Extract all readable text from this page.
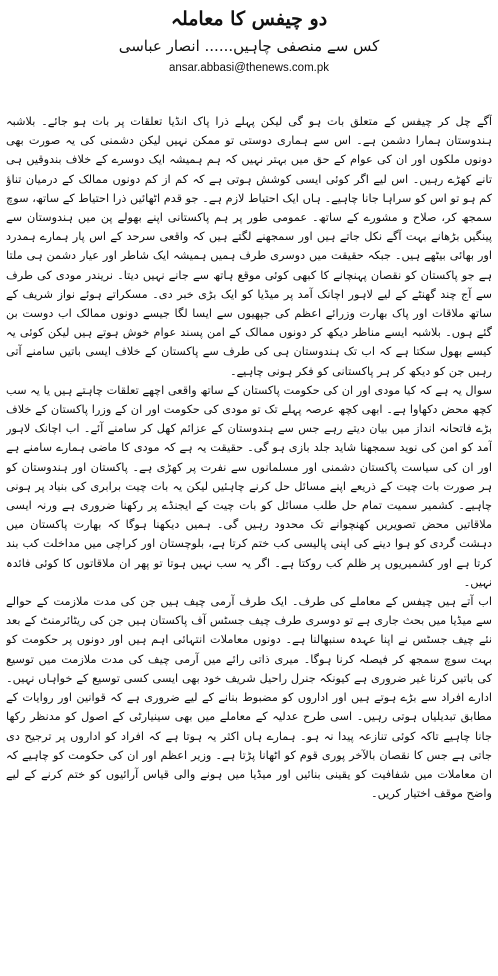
دو چیفس کا معاملہ
کس سے منصفی چاہیں...... انصار عباسی
ansar.abbasi@thenews.com.pk

آگے چل کر چیفس کے متعلق بات ہو گی لیکن پہلے ذرا پاک انڈیا تعلقات پر بات ہو جائے۔ بلاشبہ ہندوستان ہمارا دشمن ہے۔ اس سے ہماری دوستی تو ممکن نہیں لیکن دشمنی کی یہ صورت بھی دونوں ملکوں اور ان کی عوام کے حق میں بہتر نہیں کہ ہم ہمیشہ ایک دوسرے کے خلاف بندوقیں ہی تانے کھڑے رہیں۔ اس لیے اگر کوئی ایسی کوشش ہوتی ہے کہ کم از کم دونوں ممالک کے درمیان تناؤ کم ہو تو اس کو سراہا جانا چاہیے۔ ہاں ایک احتیاط لازم ہے۔ جو قدم اٹھائیں ذرا احتیاط کے ساتھ، سوچ سمجھ کر، صلاح و مشورے کے ساتھ۔ عمومی طور پر ہم پاکستانی اپنے بھولے پن میں ہندوستان سے پینگیں بڑھانے بہت آگے نکل جاتے ہیں اور سمجھنے لگتے ہیں کہ واقعی سرحد کے اس پار ہمارے ہمدرد اور بھائی بیٹھے ہیں۔ جبکہ حقیقت میں دوسری طرف ہمیں ہمیشہ ایک شاطر اور عیار دشمن ہی ملتا ہے جو پاکستان کو نقصان پہنچانے کا کبھی کوئی موقع ہاتھ سے جانے نہیں دیتا۔ نریندر مودی کی طرف سے آج چند گھنٹے کے لیے لاہور اچانک آمد پر میڈیا کو ایک بڑی خبر دی۔ مسکراتے ہوئے نواز شریف کے ساتھ ملاقات اور پاک بھارت وزرائے اعظم کی جپھیوں سے ایسا لگا جیسے دونوں ممالک اب دوست بن گئے ہوں۔ بلاشبہ ایسے مناظر دیکھ کر دونوں ممالک کے امن پسند عوام خوش ہوتے ہیں لیکن کوئی یہ کیسے بھول سکتا ہے کہ اب تک ہندوستان ہی کی طرف سے پاکستان کے خلاف ایسی باتیں سامنے آتی رہیں جن کو دیکھ کر ہر پاکستانی کو فکر ہونی چاہیے۔

سوال یہ ہے کہ کیا مودی اور ان کی حکومت پاکستان کے ساتھ واقعی اچھے تعلقات چاہتے ہیں یا یہ سب کچھ محض دکھاوا ہے۔ ابھی کچھ عرصہ پہلے تک تو مودی کی حکومت اور ان کے وزرا پاکستان کے خلاف بڑے فاتحانہ انداز میں بیان دیتے رہے جس سے ہندوستان کے عزائم کھل کر سامنے آئے۔ اب اچانک لاہور آمد کو امن کی نوید سمجھنا شاید جلد بازی ہو گی۔ حقیقت یہ ہے کہ مودی کا ماضی ہمارے سامنے ہے اور ان کی سیاست پاکستان دشمنی اور مسلمانوں سے نفرت پر کھڑی ہے۔ پاکستان اور ہندوستان کو ہر صورت بات چیت کے ذریعے اپنے مسائل حل کرنے چاہئیں لیکن یہ بات چیت برابری کی بنیاد پر ہونی چاہیے۔ کشمیر سمیت تمام حل طلب مسائل کو بات چیت کے ایجنڈے پر رکھنا ضروری ہے ورنہ ایسی ملاقاتیں محض تصویریں کھنچوانے تک محدود رہیں گی۔ ہمیں دیکھنا ہوگا کہ بھارت پاکستان میں دہشت گردی کو ہوا دینے کی اپنی پالیسی کب ختم کرتا ہے، بلوچستان اور کراچی میں مداخلت کب بند کرتا ہے اور کشمیریوں پر ظلم کب روکتا ہے۔ اگر یہ سب نہیں ہوتا تو پھر ان ملاقاتوں کا کوئی فائدہ نہیں۔

اب آتے ہیں چیفس کے معاملے کی طرف۔ ایک طرف آرمی چیف ہیں جن کی مدت ملازمت کے حوالے سے میڈیا میں بحث جاری ہے تو دوسری طرف چیف جسٹس آف پاکستان ہیں جن کی ریٹائرمنٹ کے بعد نئے چیف جسٹس نے اپنا عہدہ سنبھالنا ہے۔ دونوں معاملات انتہائی اہم ہیں اور دونوں پر حکومت کو بہت سوچ سمجھ کر فیصلہ کرنا ہوگا۔ میری ذاتی رائے میں آرمی چیف کی مدت ملازمت میں توسیع کی باتیں کرنا غیر ضروری ہے کیونکہ جنرل راحیل شریف خود بھی ایسی کسی توسیع کے خواہاں نہیں۔ ادارے افراد سے بڑے ہوتے ہیں اور اداروں کو مضبوط بنانے کے لیے ضروری ہے کہ قوانین اور روایات کے مطابق تبدیلیاں ہوتی رہیں۔ اسی طرح عدلیہ کے معاملے میں بھی سینیارٹی کے اصول کو مدنظر رکھا جانا چاہیے تاکہ کوئی تنازعہ پیدا نہ ہو۔ ہمارے ہاں اکثر یہ ہوتا ہے کہ افراد کو اداروں پر ترجیح دی جاتی ہے جس کا نقصان بالآخر پوری قوم کو اٹھانا پڑتا ہے۔ وزیر اعظم اور ان کی حکومت کو چاہیے کہ ان معاملات میں شفافیت کو یقینی بنائیں اور میڈیا میں ہونے والی قیاس آرائیوں کو ختم کرنے کے لیے واضح موقف اختیار کریں۔
